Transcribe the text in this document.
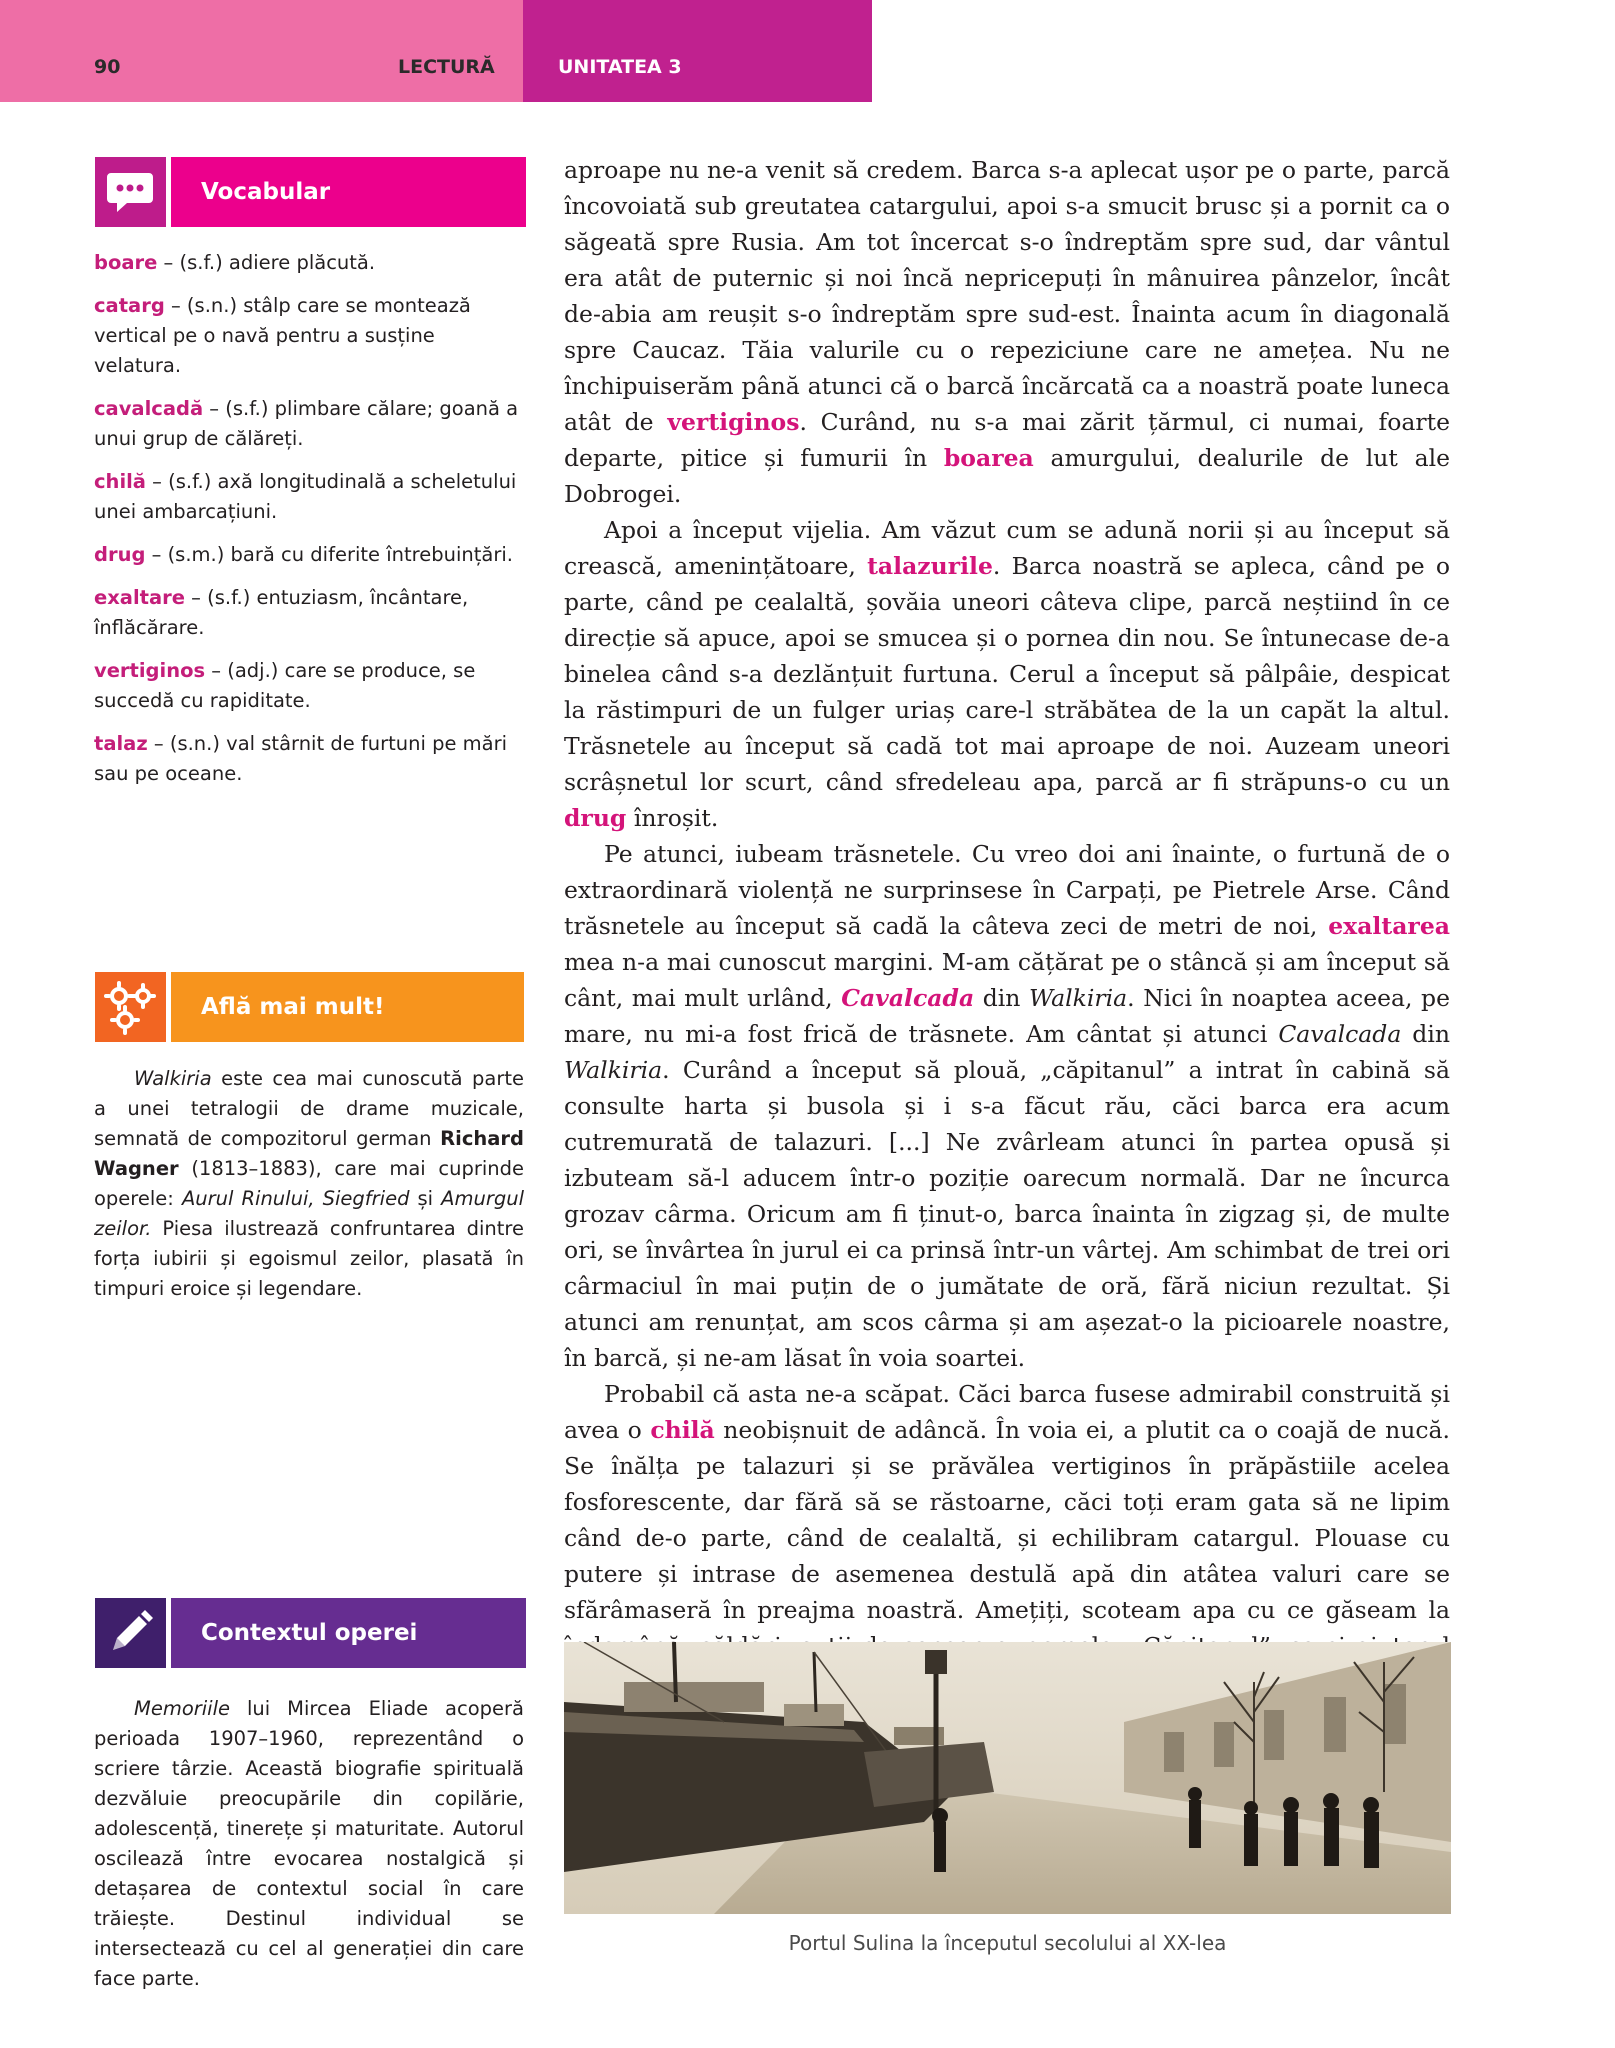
90	LECTURĂ	UNITATEA 3
Vocabular

boare – (s.f.) adiere plăcută.

catarg – (s.n.) stâlp care se montează vertical pe o navă pentru a susține velatura.

cavalcadă – (s.f.) plimbare călare; goană a unui grup de călăreți.

chilă – (s.f.) axă longitudinală a scheletului unei ambarcațiuni.

drug – (s.m.) bară cu diferite întrebuințări.

exaltare – (s.f.) entuziasm, încântare, înflăcărare.

vertiginos – (adj.) care se produce, se succedă cu rapiditate.

talaz – (s.n.) val stârnit de furtuni pe mări sau pe oceane.

Află mai mult!

Walkiria este cea mai cunoscută parte a unei tetralogii de drame muzicale, semnată de compozitorul german Richard Wagner (1813–1883), care mai cuprinde operele: Aurul Rinului, Siegfried și Amurgul zeilor. Piesa ilustrează confruntarea dintre forța iubirii și egoismul zeilor, plasată în timpuri eroice și legendare.

Contextul operei

Memoriile lui Mircea Eliade acoperă perioada 1907–1960, reprezentând o scriere târzie. Această biografie spirituală dezvăluie preocupările din copilărie, adolescență, tinerețe și maturitate. Autorul oscilează între evocarea nostalgică și detașarea de contextul social în care trăiește. Destinul individual se intersectează cu cel al generației din care face parte.

aproape nu ne-a venit să credem. Barca s-a aplecat ușor pe o parte, parcă încovoiată sub greutatea catargului, apoi s-a smucit brusc și a pornit ca o săgeată spre Rusia. Am tot încercat s-o îndreptăm spre sud, dar vântul era atât de puternic și noi încă nepricepuți în mânuirea pânzelor, încât de-abia am reușit s-o îndreptăm spre sud-est. Înainta acum în diagonală spre Caucaz. Tăia valurile cu o repeziciune care ne amețea. Nu ne închipuiserăm până atunci că o barcă încărcată ca a noastră poate luneca atât de vertiginos. Curând, nu s-a mai zărit țărmul, ci numai, foarte departe, pitice și fumurii în boarea amurgului, dealurile de lut ale Dobrogei.

Apoi a început vijelia. Am văzut cum se adună norii și au început să crească, amenințătoare, talazurile. Barca noastră se apleca, când pe o parte, când pe cealaltă, șovăia uneori câteva clipe, parcă neștiind în ce direcție să apuce, apoi se smucea și o pornea din nou. Se întunecase de-a binelea când s-a dezlănțuit furtuna. Cerul a început să pâlpâie, despicat la răstimpuri de un fulger uriaș care-l străbătea de la un capăt la altul. Trăsnetele au început să cadă tot mai aproape de noi. Auzeam uneori scrâșnetul lor scurt, când sfredeleau apa, parcă ar fi străpuns-o cu un drug înroșit.

Pe atunci, iubeam trăsnetele. Cu vreo doi ani înainte, o furtună de o extraordinară violență ne surprinsese în Carpați, pe Pietrele Arse. Când trăsnetele au început să cadă la câteva zeci de metri de noi, exaltarea mea n-a mai cunoscut margini. M-am cățărat pe o stâncă și am început să cânt, mai mult urlând, Cavalcada din Walkiria. Nici în noaptea aceea, pe mare, nu mi-a fost frică de trăsnete. Am cântat și atunci Cavalcada din Walkiria. Curând a început să plouă, „căpitanul” a intrat în cabină să consulte harta și busola și i s-a făcut rău, căci barca era acum cutremurată de talazuri. [...] Ne zvârleam atunci în partea opusă și izbuteam să-l aducem într-o poziție oarecum normală. Dar ne încurca grozav cârma. Oricum am fi ținut-o, barca înainta în zigzag și, de multe ori, se învârtea în jurul ei ca prinsă într-un vârtej. Am schimbat de trei ori cârmaciul în mai puțin de o jumătate de oră, fără niciun rezultat. Și atunci am renunțat, am scos cârma și am așezat-o la picioarele noastre, în barcă, și ne-am lăsat în voia soartei.

Probabil că asta ne-a scăpat. Căci barca fusese admirabil construită și avea o chilă neobișnuit de adâncă. În voia ei, a plutit ca o coajă de nucă. Se înălța pe talazuri și se prăvălea vertiginos în prăpăstiile acelea fosforescente, dar fără să se răstoarne, căci toți eram gata să ne lipim când de-o parte, când de cealaltă, și echilibram catargul. Plouase cu putere și intrase de asemenea destulă apă din atâtea valuri care se sfărâmaseră în preajma noastră. Amețiți, scoteam apa cu ce găseam la

Portul Sulina la începutul secolului al XX-lea
